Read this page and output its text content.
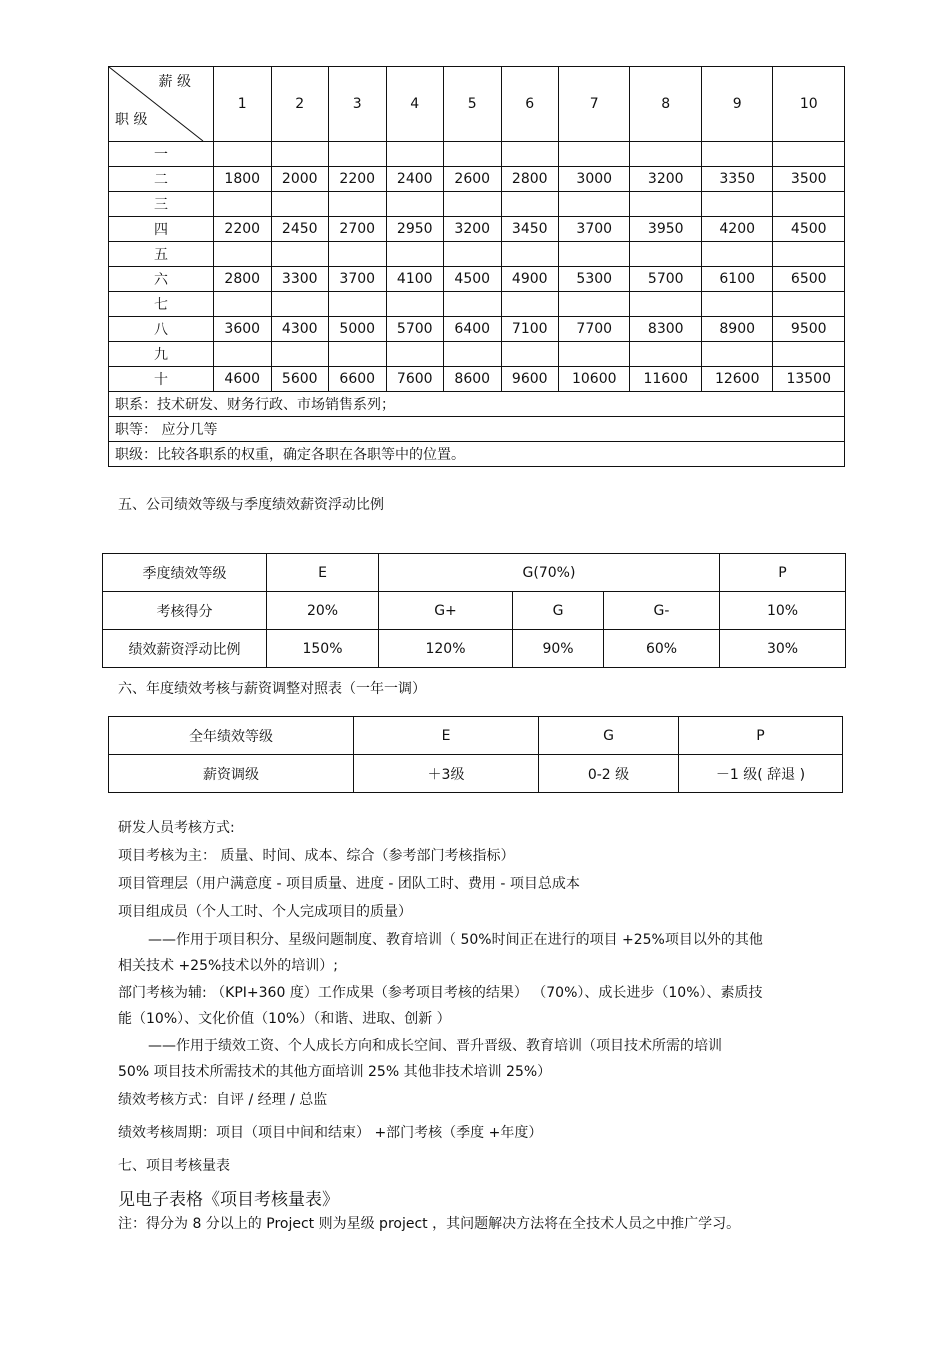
薪 级
职 级	1	2	3	4	5	6	7	8	9	10
一										
二	1800	2000	2200	2400	2600	2800	3000	3200	3350	3500
三										
四	2200	2450	2700	2950	3200	3450	3700	3950	4200	4500
五										
六	2800	3300	3700	4100	4500	4900	5300	5700	6100	6500
七										
八	3600	4300	5000	5700	6400	7100	7700	8300	8900	9500
九										
十	4600	5600	6600	7600	8600	9600	10600	11600	12600	13500
职系：技术研发、财务行政、市场销售系列；										
职等： 应分几等										
职级：比较各职系的权重，确定各职在各职等中的位置。										
五、公司绩效等级与季度绩效薪资浮动比例
季度绩效等级	E	G(70%)			P
考核得分	20%	G+	G	G-	10%
绩效薪资浮动比例	150%	120%	90%	60%	30%
六、年度绩效考核与薪资调整对照表（一年一调）
全年绩效等级	E	G	P
薪资调级	＋3级	0-2 级	－1 级( 辞退 )
研发人员考核方式:
项目考核为主： 质量、时间、成本、综合（参考部门考核指标）
项目管理层（用户满意度 - 项目质量、进度 - 团队工时、费用 - 项目总成本
项目组成员（个人工时、个人完成项目的质量）
——作用于项目积分、星级问题制度、教育培训（ 50%时间正在进行的项目 +25%项目以外的其他
相关技术 +25%技术以外的培训）;
部门考核为辅: （KPI+360 度）工作成果（参考项目考核的结果） （70%）、成长进步（10%）、素质技
能（10%）、文化价值（10%）（和谐、进取、创新 ）
——作用于绩效工资、个人成长方向和成长空间、晋升晋级、教育培训（项目技术所需的培训
50% 项目技术所需技术的其他方面培训 25% 其他非技术培训 25%）
绩效考核方式：自评 / 经理 / 总监
绩效考核周期：项目（项目中间和结束） +部门考核（季度 +年度）
七、项目考核量表
见电子表格《项目考核量表》
注：得分为 8 分以上的 Project 则为星级 project ，其问题解决方法将在全技术人员之中推广学习。
